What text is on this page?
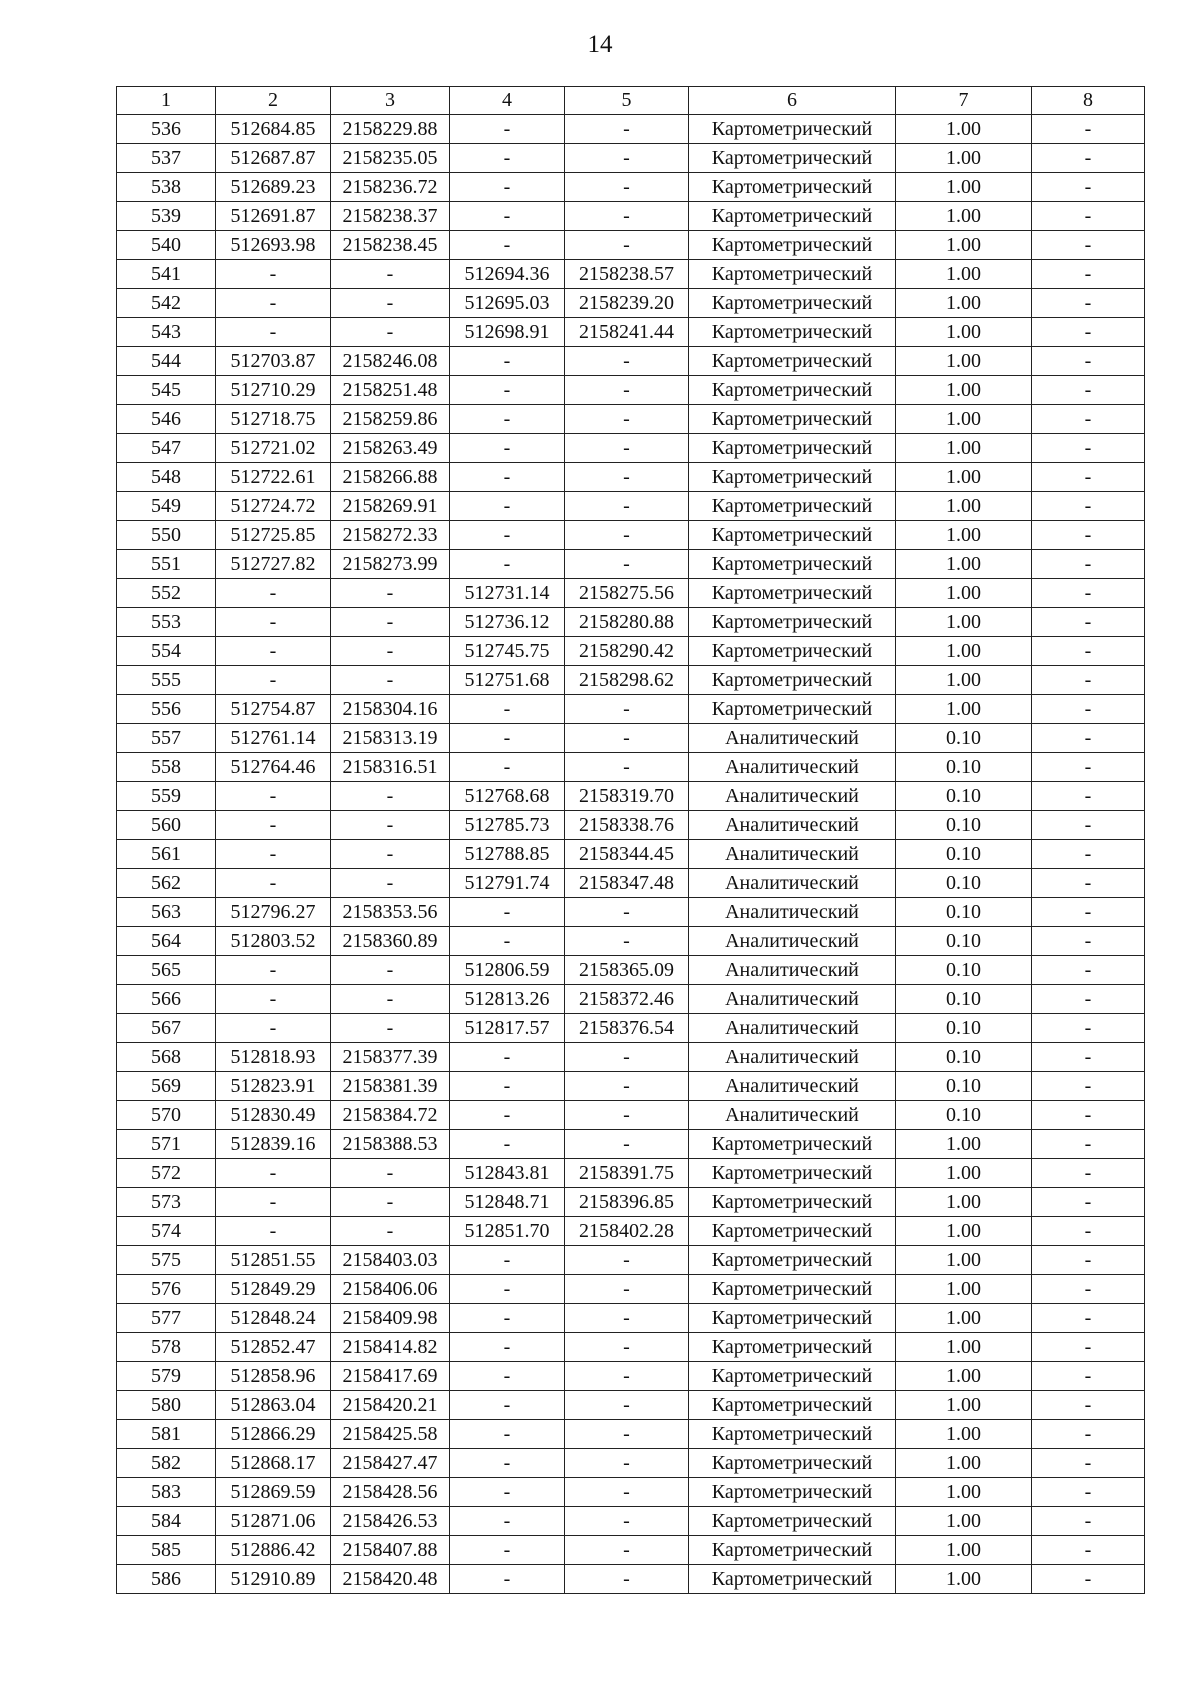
14
1	2	3	4	5	6	7	8
536	512684.85	2158229.88	-	-	Картометрический	1.00	-
537	512687.87	2158235.05	-	-	Картометрический	1.00	-
538	512689.23	2158236.72	-	-	Картометрический	1.00	-
539	512691.87	2158238.37	-	-	Картометрический	1.00	-
540	512693.98	2158238.45	-	-	Картометрический	1.00	-
541	-	-	512694.36	2158238.57	Картометрический	1.00	-
542	-	-	512695.03	2158239.20	Картометрический	1.00	-
543	-	-	512698.91	2158241.44	Картометрический	1.00	-
544	512703.87	2158246.08	-	-	Картометрический	1.00	-
545	512710.29	2158251.48	-	-	Картометрический	1.00	-
546	512718.75	2158259.86	-	-	Картометрический	1.00	-
547	512721.02	2158263.49	-	-	Картометрический	1.00	-
548	512722.61	2158266.88	-	-	Картометрический	1.00	-
549	512724.72	2158269.91	-	-	Картометрический	1.00	-
550	512725.85	2158272.33	-	-	Картометрический	1.00	-
551	512727.82	2158273.99	-	-	Картометрический	1.00	-
552	-	-	512731.14	2158275.56	Картометрический	1.00	-
553	-	-	512736.12	2158280.88	Картометрический	1.00	-
554	-	-	512745.75	2158290.42	Картометрический	1.00	-
555	-	-	512751.68	2158298.62	Картометрический	1.00	-
556	512754.87	2158304.16	-	-	Картометрический	1.00	-
557	512761.14	2158313.19	-	-	Аналитический	0.10	-
558	512764.46	2158316.51	-	-	Аналитический	0.10	-
559	-	-	512768.68	2158319.70	Аналитический	0.10	-
560	-	-	512785.73	2158338.76	Аналитический	0.10	-
561	-	-	512788.85	2158344.45	Аналитический	0.10	-
562	-	-	512791.74	2158347.48	Аналитический	0.10	-
563	512796.27	2158353.56	-	-	Аналитический	0.10	-
564	512803.52	2158360.89	-	-	Аналитический	0.10	-
565	-	-	512806.59	2158365.09	Аналитический	0.10	-
566	-	-	512813.26	2158372.46	Аналитический	0.10	-
567	-	-	512817.57	2158376.54	Аналитический	0.10	-
568	512818.93	2158377.39	-	-	Аналитический	0.10	-
569	512823.91	2158381.39	-	-	Аналитический	0.10	-
570	512830.49	2158384.72	-	-	Аналитический	0.10	-
571	512839.16	2158388.53	-	-	Картометрический	1.00	-
572	-	-	512843.81	2158391.75	Картометрический	1.00	-
573	-	-	512848.71	2158396.85	Картометрический	1.00	-
574	-	-	512851.70	2158402.28	Картометрический	1.00	-
575	512851.55	2158403.03	-	-	Картометрический	1.00	-
576	512849.29	2158406.06	-	-	Картометрический	1.00	-
577	512848.24	2158409.98	-	-	Картометрический	1.00	-
578	512852.47	2158414.82	-	-	Картометрический	1.00	-
579	512858.96	2158417.69	-	-	Картометрический	1.00	-
580	512863.04	2158420.21	-	-	Картометрический	1.00	-
581	512866.29	2158425.58	-	-	Картометрический	1.00	-
582	512868.17	2158427.47	-	-	Картометрический	1.00	-
583	512869.59	2158428.56	-	-	Картометрический	1.00	-
584	512871.06	2158426.53	-	-	Картометрический	1.00	-
585	512886.42	2158407.88	-	-	Картометрический	1.00	-
586	512910.89	2158420.48	-	-	Картометрический	1.00	-
